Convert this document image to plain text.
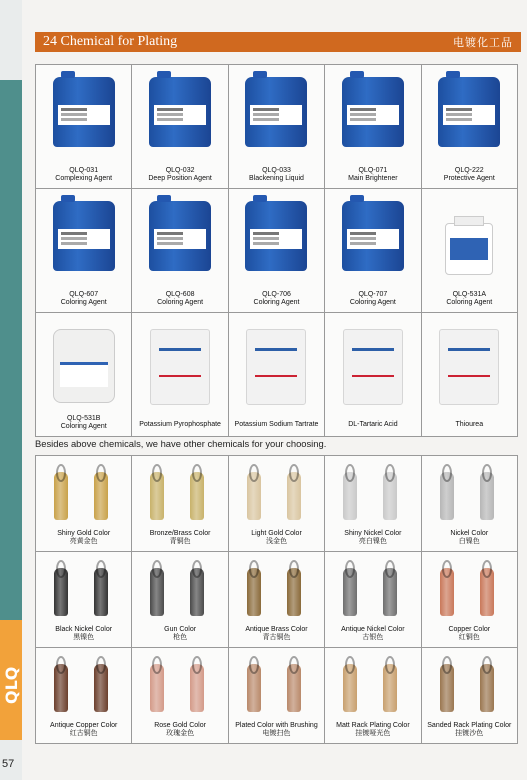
QLQ
57
24 Chemical for Plating	电镀化工品
QLQ-031
Complexing Agent
QLQ-032
Deep Position Agent
QLQ-033
Blackening Liquid
QLQ-071
Main Brightener
QLQ-222
Protective Agent
QLQ-607
Coloring Agent
QLQ-608
Coloring Agent
QLQ-706
Coloring Agent
QLQ-707
Coloring Agent
QLQ-531A
Coloring Agent
QLQ-531B
Coloring Agent	Potassium Pyrophosphate	Potassium Sodium Tartrate	DL-Tartaric Acid	Thiourea
Besides above chemicals, we have other chemicals for your choosing.
Shiny Gold Color
亮黄金色
Bronze/Brass Color
青铜色
Light Gold Color
浅金色
Shiny Nickel Color
亮白镍色
Nickel Color
白镍色
Black Nickel Color
黑镍色
Gun Color
枪色
Antique Brass Color
青古铜色
Antique Nickel Color
古银色
Copper Color
红铜色
Antique Copper Color
红古铜色
Rose Gold Color
玫瑰金色
Plated Color with Brushing
电镀扫色
Matt Rack Plating Color
挂镀哑光色
Sanded Rack Plating Color
挂镀沙色
